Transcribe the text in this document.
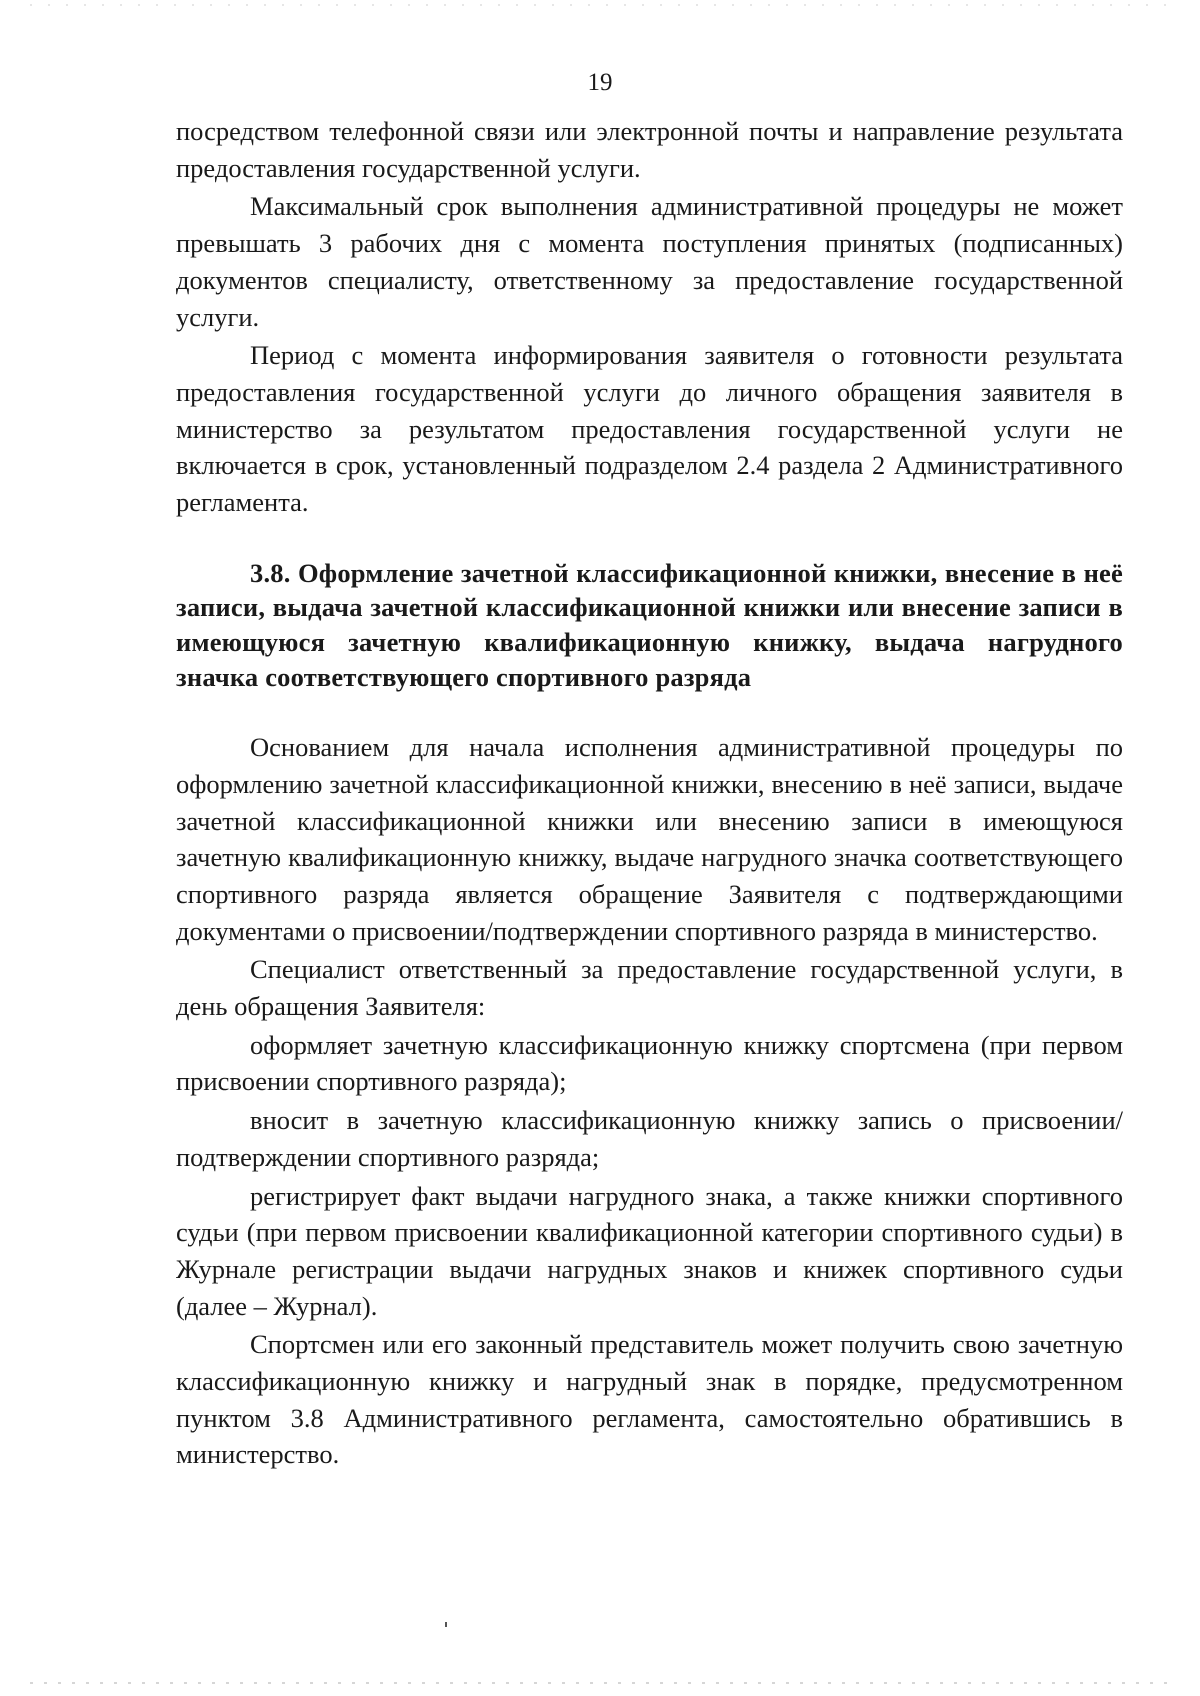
19

посредством телефонной связи или электронной почты и направление результата предоставления государственной услуги.

Максимальный срок выполнения административной процедуры не может превышать 3 рабочих дня с момента поступления принятых (подписанных) документов специалисту, ответственному за предоставление государственной услуги.

Период с момента информирования заявителя о готовности результата предоставления государственной услуги до личного обращения заявителя в министерство за результатом предоставления государственной услуги не включается в срок, установленный подразделом 2.4 раздела 2 Административного регламента.

3.8. Оформление зачетной классификационной книжки, внесение в неё записи, выдача зачетной классификационной книжки или внесение записи в имеющуюся зачетную квалификационную книжку, выдача нагрудного значка соответствующего спортивного разряда

Основанием для начала исполнения административной процедуры по оформлению зачетной классификационной книжки, внесению в неё записи, выдаче зачетной классификационной книжки или внесению записи в имеющуюся зачетную квалификационную книжку, выдаче нагрудного значка соответствующего спортивного разряда является обращение Заявителя с подтверждающими документами о присвоении/подтверждении спортивного разряда в министерство.

Специалист ответственный за предоставление государственной услуги, в день обращения Заявителя:

оформляет зачетную классификационную книжку спортсмена (при первом присвоении спортивного разряда);

вносит в зачетную классификационную книжку запись о присвоении/подтверждении спортивного разряда;

регистрирует факт выдачи нагрудного знака, а также книжки спортивного судьи (при первом присвоении квалификационной категории спортивного судьи) в Журнале регистрации выдачи нагрудных знаков и книжек спортивного судьи (далее – Журнал).

Спортсмен или его законный представитель может получить свою зачетную классификационную книжку и нагрудный знак в порядке, предусмотренном пунктом 3.8 Административного регламента, самостоятельно обратившись в министерство.
